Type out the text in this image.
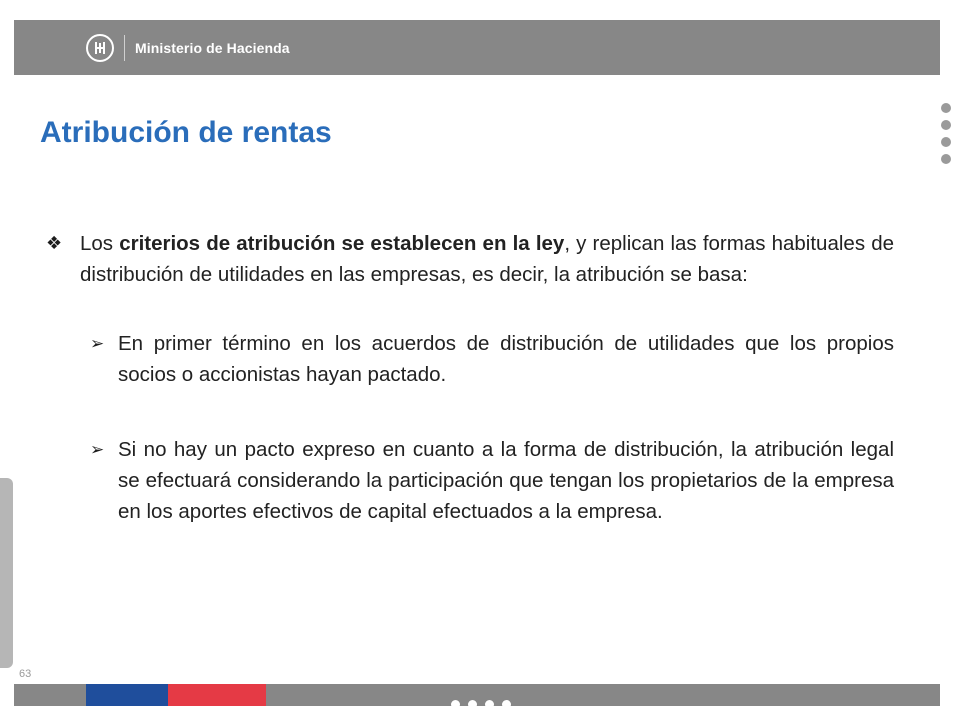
Ministerio de Hacienda
Atribución de rentas
❖ Los criterios de atribución se establecen en la ley, y replican las formas habituales de distribución de utilidades en las empresas, es decir, la atribución se basa:
➢ En primer término en los acuerdos de distribución de utilidades que los propios socios o accionistas hayan pactado.
➢ Si no hay un pacto expreso en cuanto a la forma de distribución, la atribución legal se efectuará considerando la participación que tengan los propietarios de la empresa en los aportes efectivos de capital efectuados a la empresa.
63
